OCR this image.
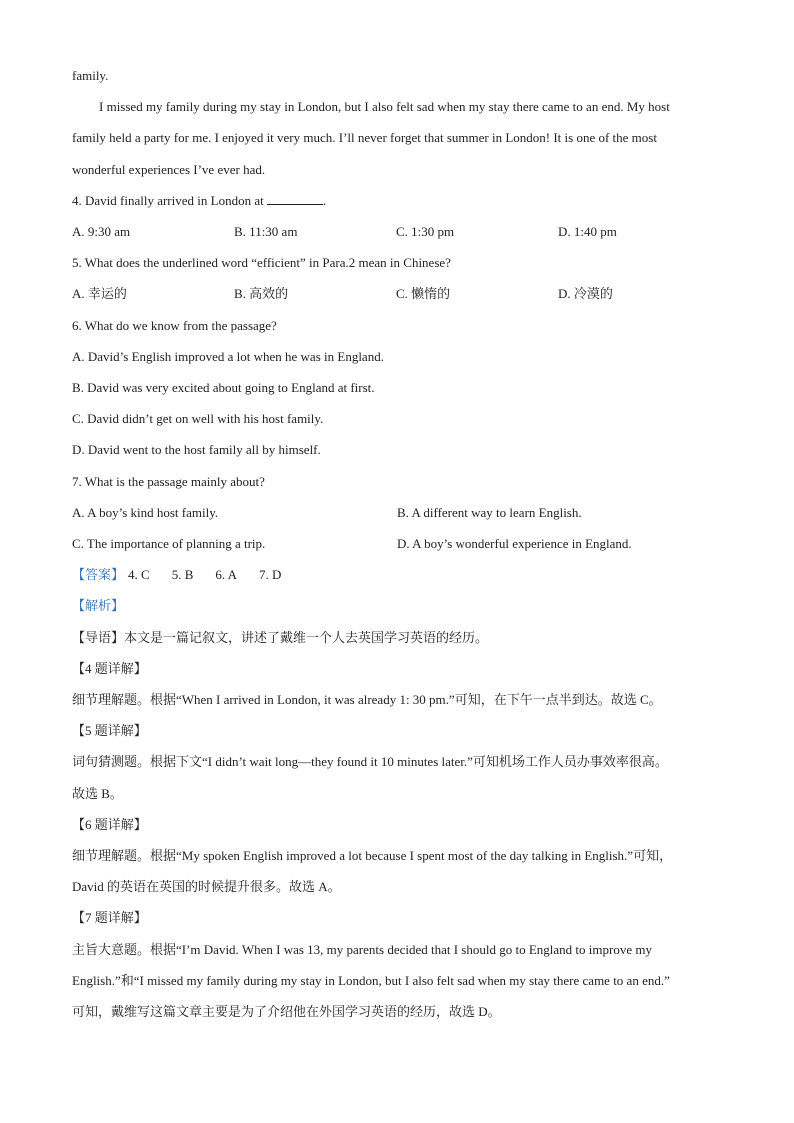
family.
I missed my family during my stay in London, but I also felt sad when my stay there came to an end. My host
family held a party for me. I enjoyed it very much. I’ll never forget that summer in London! It is one of the most
wonderful experiences I’ve ever had.
4. David finally arrived in London at	.
A. 9:30 am	B. 11:30 am	C. 1:30 pm	D. 1:40 pm
5. What does the underlined word “efficient” in Para.2 mean in Chinese?
A. 幸运的	B. 高效的	C. 懒惰的	D. 冷漠的
6. What do we know from the passage?
A. David’s English improved a lot when he was in England.
B. David was very excited about going to England at first.
C. David didn’t get on well with his host family.
D. David went to the host family all by himself.
7. What is the passage mainly about?
A. A boy’s kind host family.	B. A different way to learn English.
C. The importance of planning a trip.	D. A boy’s wonderful experience in England.
【答案】 4. C 5. B 6. A 7. D
【解析】
【导语】本文是一篇记叙文，讲述了戴维一个人去英国学习英语的经历。
【4 题详解】
细节理解题。根据“When I arrived in London, it was already 1: 30 pm.”可知，在下午一点半到达。故选 C。
【5 题详解】
词句猜测题。根据下文“I didn’t wait long—they found it 10 minutes later.”可知机场工作人员办事效率很高。
故选 B。
【6 题详解】
细节理解题。根据“My spoken English improved a lot because I spent most of the day talking in English.”可知，
David 的英语在英国的时候提升很多。故选 A。
【7 题详解】
主旨大意题。根据“I’m David. When I was 13, my parents decided that I should go to England to improve my
English.”和“I missed my family during my stay in London, but I also felt sad when my stay there came to an end.”
可知，戴维写这篇文章主要是为了介绍他在外国学习英语的经历，故选 D。
